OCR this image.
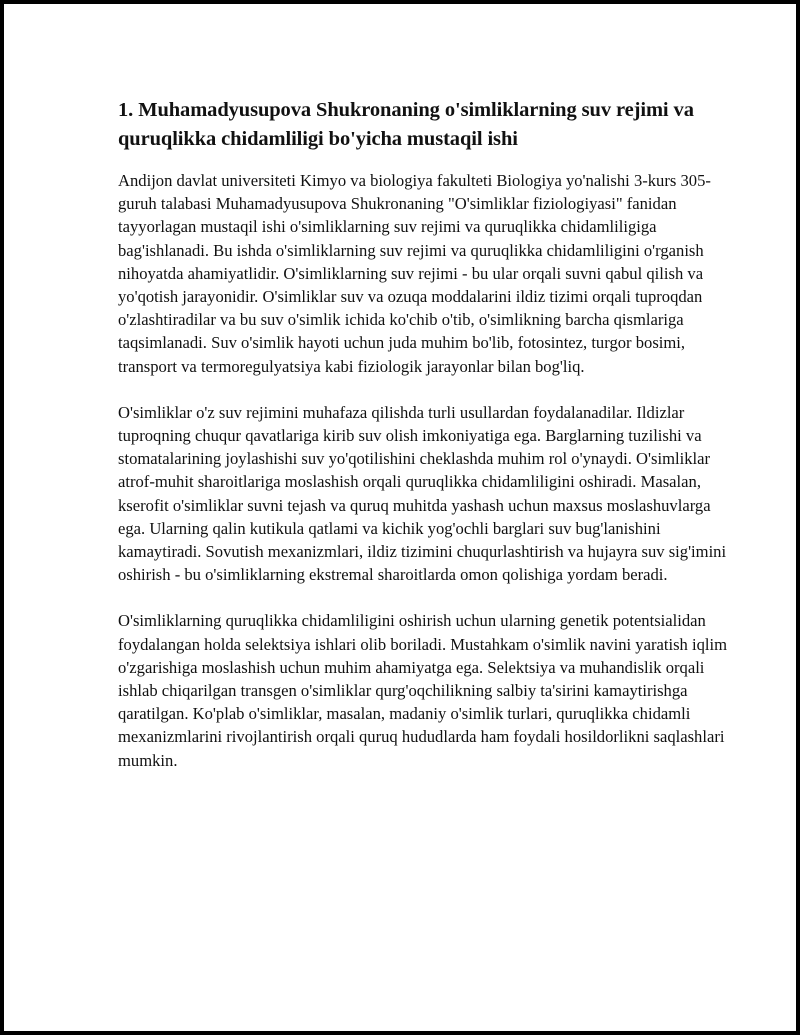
1. Muhamadyusupova Shukronaning o'simliklarning suv rejimi va quruqlikka chidamliligi bo'yicha mustaqil ishi

Andijon davlat universiteti Kimyo va biologiya fakulteti Biologiya yo'nalishi 3-kurs 305-guruh talabasi Muhamadyusupova Shukronaning "O'simliklar fiziologiyasi" fanidan tayyorlagan mustaqil ishi o'simliklarning suv rejimi va quruqlikka chidamliligiga bag'ishlanadi. Bu ishda o'simliklarning suv rejimi va quruqlikka chidamliligini o'rganish nihoyatda ahamiyatlidir. O'simliklarning suv rejimi - bu ular orqali suvni qabul qilish va yo'qotish jarayonidir. O'simliklar suv va ozuqa moddalarini ildiz tizimi orqali tuproqdan o'zlashtiradilar va bu suv o'simlik ichida ko'chib o'tib, o'simlikning barcha qismlariga taqsimlanadi. Suv o'simlik hayoti uchun juda muhim bo'lib, fotosintez, turgor bosimi, transport va termoregulyatsiya kabi fiziologik jarayonlar bilan bog'liq.

O'simliklar o'z suv rejimini muhafaza qilishda turli usullardan foydalanadilar. Ildizlar tuproqning chuqur qavatlariga kirib suv olish imkoniyatiga ega. Barglarning tuzilishi va stomatalarining joylashishi suv yo'qotilishini cheklashda muhim rol o'ynaydi. O'simliklar atrof-muhit sharoitlariga moslashish orqali quruqlikka chidamliligini oshiradi. Masalan, kserofit o'simliklar suvni tejash va quruq muhitda yashash uchun maxsus moslashuvlarga ega. Ularning qalin kutikula qatlami va kichik yog'ochli barglari suv bug'lanishini kamaytiradi. Sovutish mexanizmlari, ildiz tizimini chuqurlashtirish va hujayra suv sig'imini oshirish - bu o'simliklarning ekstremal sharoitlarda omon qolishiga yordam beradi.

O'simliklarning quruqlikka chidamliligini oshirish uchun ularning genetik potentsialidan foydalangan holda selektsiya ishlari olib boriladi. Mustahkam o'simlik navini yaratish iqlim o'zgarishiga moslashish uchun muhim ahamiyatga ega. Selektsiya va muhandislik orqali ishlab chiqarilgan transgen o'simliklar qurg'oqchilikning salbiy ta'sirini kamaytirishga qaratilgan. Ko'plab o'simliklar, masalan, madaniy o'simlik turlari, quruqlikka chidamli mexanizmlarini rivojlantirish orqali quruq hududlarda ham foydali hosildorlikni saqlashlari mumkin.
